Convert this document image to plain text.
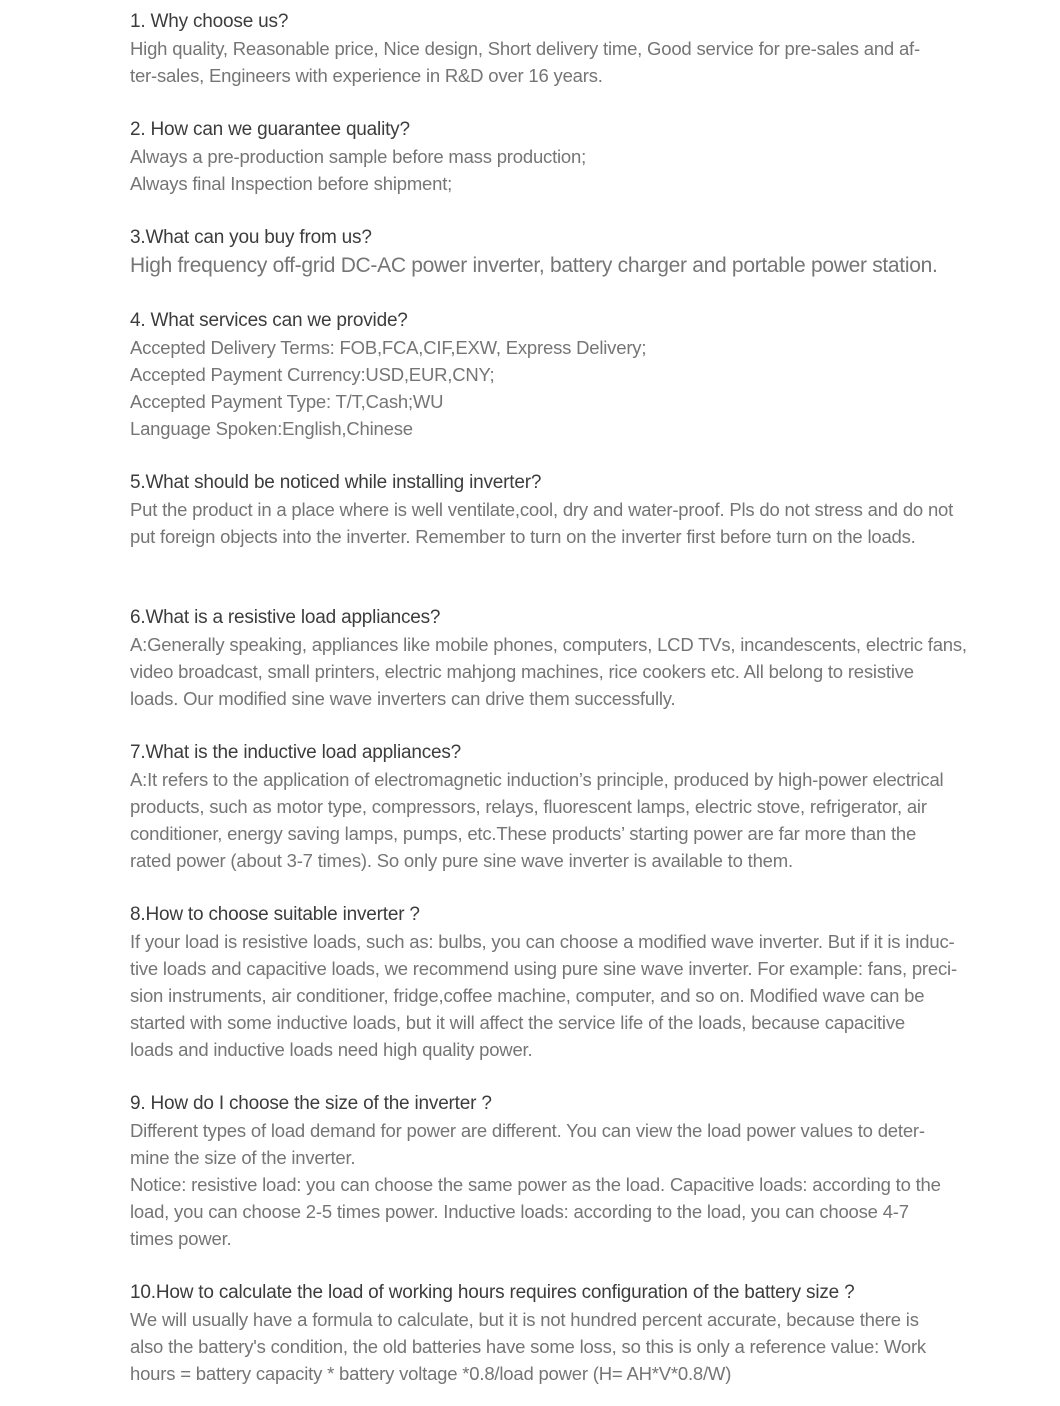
1. Why choose us?
High quality, Reasonable price, Nice design, Short delivery time, Good service for pre-sales and af-
ter-sales, Engineers with experience in R&D over 16 years.
2. How can we guarantee quality?
Always a pre-production sample before mass production;
Always final Inspection before shipment;
3.What can you buy from us?
High frequency off-grid DC-AC power inverter, battery charger and portable power station.
4. What services can we provide?
Accepted Delivery Terms: FOB,FCA,CIF,EXW, Express Delivery;
Accepted Payment Currency:USD,EUR,CNY;
Accepted Payment Type: T/T,Cash;WU
Language Spoken:English,Chinese
5.What should be noticed while installing inverter?
Put the product in a place where is well ventilate,cool, dry and water-proof. Pls do not stress and do not
put foreign objects into the inverter. Remember to turn on the inverter first before turn on the loads.
6.What is a resistive load appliances?
A:Generally speaking, appliances like mobile phones, computers, LCD TVs, incandescents, electric fans,
video broadcast, small printers, electric mahjong machines, rice cookers etc. All belong to resistive
loads. Our modified sine wave inverters can drive them successfully.
7.What is the inductive load appliances?
A:It refers to the application of electromagnetic induction’s principle, produced by high-power electrical
products, such as motor type, compressors, relays, fluorescent lamps, electric stove, refrigerator, air
conditioner, energy saving lamps, pumps, etc.These products’ starting power are far more than the
rated power (about 3-7 times). So only pure sine wave inverter is available to them.
8.How to choose suitable inverter ?
If your load is resistive loads, such as: bulbs, you can choose a modified wave inverter. But if it is induc-
tive loads and capacitive loads, we recommend using pure sine wave inverter. For example: fans, preci-
sion instruments, air conditioner, fridge,coffee machine, computer, and so on. Modified wave can be
started with some inductive loads, but it will affect the service life of the loads, because capacitive
loads and inductive loads need high quality power.
9. How do I choose the size of the inverter ?
Different types of load demand for power are different. You can view the load power values to deter-
mine the size of the inverter.
Notice: resistive load: you can choose the same power as the load. Capacitive loads: according to the
load, you can choose 2-5 times power. Inductive loads: according to the load, you can choose 4-7
times power.
10.How to calculate the load of working hours requires configuration of the battery size ?
We will usually have a formula to calculate, but it is not hundred percent accurate, because there is
also the battery's condition, the old batteries have some loss, so this is only a reference value: Work
hours = battery capacity * battery voltage *0.8/load power (H= AH*V*0.8/W)
